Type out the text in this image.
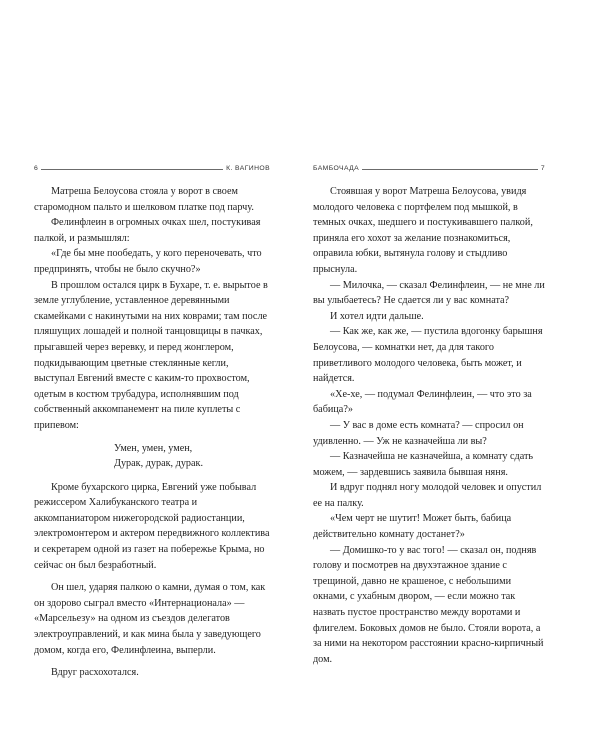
6	К. ВАГИНОВ

Матреша Белоусова стояла у ворот в своем старомодном пальто и шелковом платке под парчу.

Фелинфлеин в огромных очках шел, постукивая палкой, и размышлял:

«Где бы мне пообедать, у кого переночевать, что предпринять, чтобы не было скучно?»

В прошлом остался цирк в Бухаре, т. е. вырытое в земле углубление, уставленное деревянными скамейками с накинутыми на них коврами; там после пляшущих лошадей и полной танцовщицы в пачках, прыгавшей через веревку, и перед жонглером, подкидывающим цветные стеклянные кегли, выступал Евгений вместе с каким-то прохвостом, одетым в костюм трубадура, исполнявшим под собственный аккомпанемент на пиле куплеты с припевом:

Умен, умен, умен,
Дурак, дурак, дурак.

Кроме бухарского цирка, Евгений уже побывал режиссером Халибуканского театра и аккомпаниатором нижегородской радиостанции, электромонтером и актером передвижного коллектива и секретарем одной из газет на побережье Крыма, но сейчас он был безработный.

Он шел, ударяя палкою о камни, думая о том, как он здорово сыграл вместо «Интернационала» — «Марсельезу» на одном из съездов делегатов электроуправлений, и как мина была у заведующего домом, когда его, Фелинфлеина, выперли.

Вдруг расхохотался.

БАМБОЧАДА	7

Стоявшая у ворот Матреша Белоусова, увидя молодого человека с портфелем под мышкой, в темных очках, шедшего и постукивавшего палкой, приняла его хохот за желание познакомиться, оправила юбки, вытянула голову и стыдливо прыснула.

— Милочка, — сказал Фелинфлеин, — не мне ли вы улыбаетесь? Не сдается ли у вас комната?

И хотел идти дальше.

— Как же, как же, — пустила вдогонку барышня Белоусова, — комнатки нет, да для такого приветливого молодого человека, быть может, и найдется.

«Хе-хе, — подумал Фелинфлеин, — что это за бабица?»

— У вас в доме есть комната? — спросил он удивленно. — Уж не казначейша ли вы?

— Казначейша не казначейша, а комнату сдать можем, — зардевшись заявила бывшая няня.

И вдруг поднял ногу молодой человек и опустил ее на палку.

«Чем черт не шутит! Может быть, бабица действительно комнату достанет?»

— Домишко-то у вас того! — сказал он, подняв голову и посмотрев на двухэтажное здание с трещиной, давно не крашеное, с небольшими окнами, с ухабным двором, — если можно так назвать пустое пространство между воротами и флигелем. Боковых домов не было. Стояли ворота, а за ними на некотором расстоянии красно-кирпичный дом.
